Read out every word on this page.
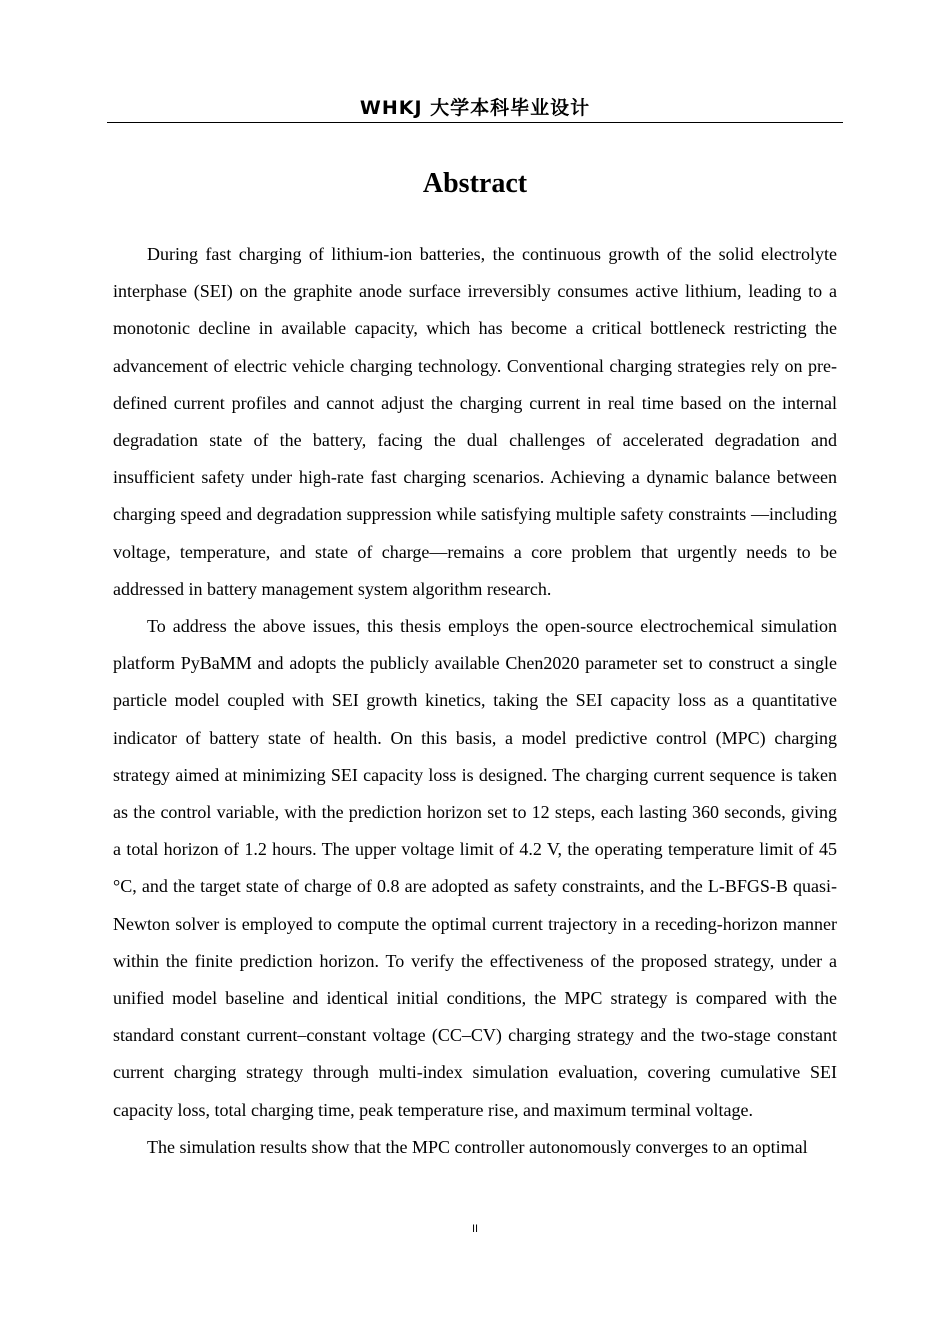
WHKJ 大学本科毕业设计
Abstract

During fast charging of lithium-ion batteries, the continuous growth of the solid electrolyte interphase (SEI) on the graphite anode surface irreversibly consumes active lithium, leading to a monotonic decline in available capacity, which has become a critical bottleneck restricting the advancement of electric vehicle charging technology. Conventional charging strategies rely on pre-defined current profiles and cannot adjust the charging current in real time based on the internal degradation state of the battery, facing the dual challenges of accelerated degradation and insufficient safety under high-rate fast charging scenarios. Achieving a dynamic balance between charging speed and degradation suppression while satisfying multiple safety constraints —including voltage, temperature, and state of charge—remains a core problem that urgently needs to be addressed in battery management system algorithm research.

To address the above issues, this thesis employs the open-source electrochemical simulation platform PyBaMM and adopts the publicly available Chen2020 parameter set to construct a single particle model coupled with SEI growth kinetics, taking the SEI capacity loss as a quantitative indicator of battery state of health. On this basis, a model predictive control (MPC) charging strategy aimed at minimizing SEI capacity loss is designed. The charging current sequence is taken as the control variable, with the prediction horizon set to 12 steps, each lasting 360 seconds, giving a total horizon of 1.2 hours. The upper voltage limit of 4.2 V, the operating temperature limit of 45 °C, and the target state of charge of 0.8 are adopted as safety constraints, and the L-BFGS-B quasi-Newton solver is employed to compute the optimal current trajectory in a receding-horizon manner within the finite prediction horizon. To verify the effectiveness of the proposed strategy, under a unified model baseline and identical initial conditions, the MPC strategy is compared with the standard constant current–constant voltage (CC–CV) charging strategy and the two-stage constant current charging strategy through multi-index simulation evaluation, covering cumulative SEI capacity loss, total charging time, peak temperature rise, and maximum terminal voltage.

The simulation results show that the MPC controller autonomously converges to an optimal

II
